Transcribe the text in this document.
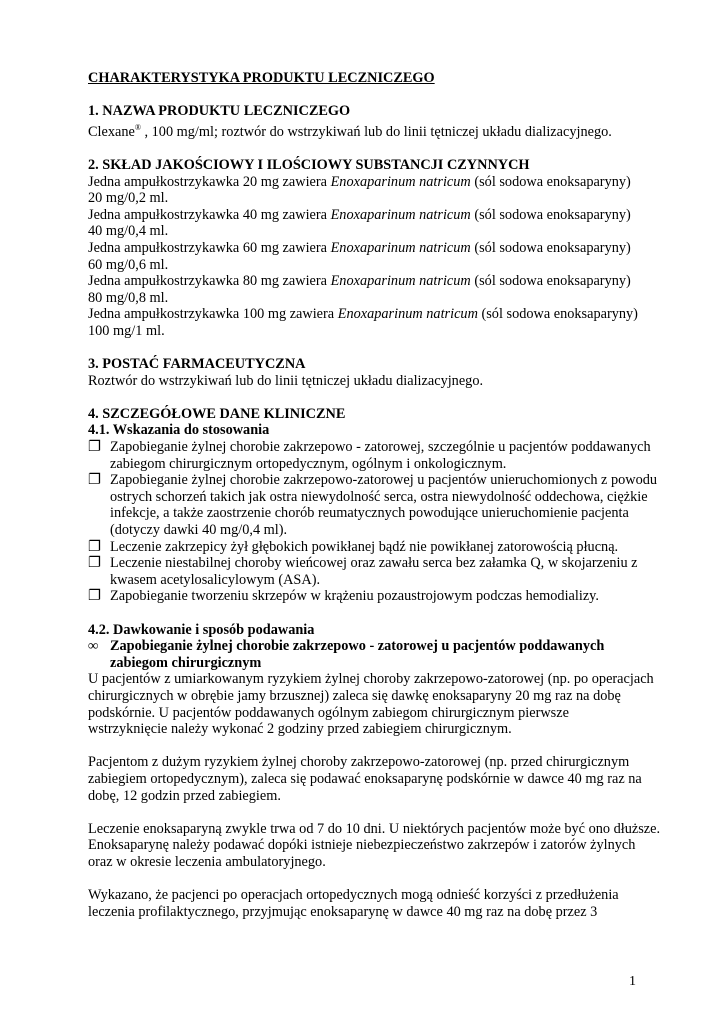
CHARAKTERYSTYKA PRODUKTU LECZNICZEGO
1. NAZWA PRODUKTU LECZNICZEGO
Clexane® , 100 mg/ml; roztwór do wstrzykiwań lub do linii tętniczej układu dializacyjnego.
2. SKŁAD JAKOŚCIOWY I ILOŚCIOWY SUBSTANCJI CZYNNYCH
Jedna ampułkostrzykawka 20 mg zawiera Enoxaparinum natricum (sól sodowa enoksaparyny)
20 mg/0,2 ml.
Jedna ampułkostrzykawka 40 mg zawiera Enoxaparinum natricum (sól sodowa enoksaparyny)
40 mg/0,4 ml.
Jedna ampułkostrzykawka 60 mg zawiera Enoxaparinum natricum (sól sodowa enoksaparyny)
60 mg/0,6 ml.
Jedna ampułkostrzykawka 80 mg zawiera Enoxaparinum natricum (sól sodowa enoksaparyny)
80 mg/0,8 ml.
Jedna ampułkostrzykawka 100 mg zawiera Enoxaparinum natricum (sól sodowa enoksaparyny)
100 mg/1 ml.
3. POSTAĆ FARMACEUTYCZNA
Roztwór do wstrzykiwań lub do linii tętniczej układu dializacyjnego.
4. SZCZEGÓŁOWE DANE KLINICZNE
4.1. Wskazania do stosowania
❐ Zapobieganie żylnej chorobie zakrzepowo - zatorowej, szczególnie u pacjentów poddawanych
zabiegom chirurgicznym ortopedycznym, ogólnym i onkologicznym.
❐ Zapobieganie żylnej chorobie zakrzepowo-zatorowej u pacjentów unieruchomionych z powodu
ostrych schorzeń takich jak ostra niewydolność serca, ostra niewydolność oddechowa, ciężkie
infekcje, a także zaostrzenie chorób reumatycznych powodujące unieruchomienie pacjenta
(dotyczy dawki 40 mg/0,4 ml).
❐ Leczenie zakrzepicy żył głębokich powikłanej bądź nie powikłanej zatorowością płucną.
❐ Leczenie niestabilnej choroby wieńcowej oraz zawału serca bez załamka Q, w skojarzeniu z
kwasem acetylosalicylowym (ASA).
❐ Zapobieganie tworzeniu skrzepów w krążeniu pozaustrojowym podczas hemodializy.
4.2. Dawkowanie i sposób podawania
∞ Zapobieganie żylnej chorobie zakrzepowo - zatorowej u pacjentów poddawanych
zabiegom chirurgicznym
U pacjentów z umiarkowanym ryzykiem żylnej choroby zakrzepowo-zatorowej (np. po operacjach
chirurgicznych w obrębie jamy brzusznej) zaleca się dawkę enoksaparyny 20 mg raz na dobę
podskórnie. U pacjentów poddawanych ogólnym zabiegom chirurgicznym pierwsze
wstrzyknięcie należy wykonać 2 godziny przed zabiegiem chirurgicznym.
Pacjentom z dużym ryzykiem żylnej choroby zakrzepowo-zatorowej (np. przed chirurgicznym
zabiegiem ortopedycznym), zaleca się podawać enoksaparynę podskórnie w dawce 40 mg raz na
dobę, 12 godzin przed zabiegiem.
Leczenie enoksaparyną zwykle trwa od 7 do 10 dni. U niektórych pacjentów może być ono dłuższe.
Enoksaparynę należy podawać dopóki istnieje niebezpieczeństwo zakrzepów i zatorów żylnych
oraz w okresie leczenia ambulatoryjnego.
Wykazano, że pacjenci po operacjach ortopedycznych mogą odnieść korzyści z przedłużenia
leczenia profilaktycznego, przyjmując enoksaparynę w dawce 40 mg raz na dobę przez 3
1
